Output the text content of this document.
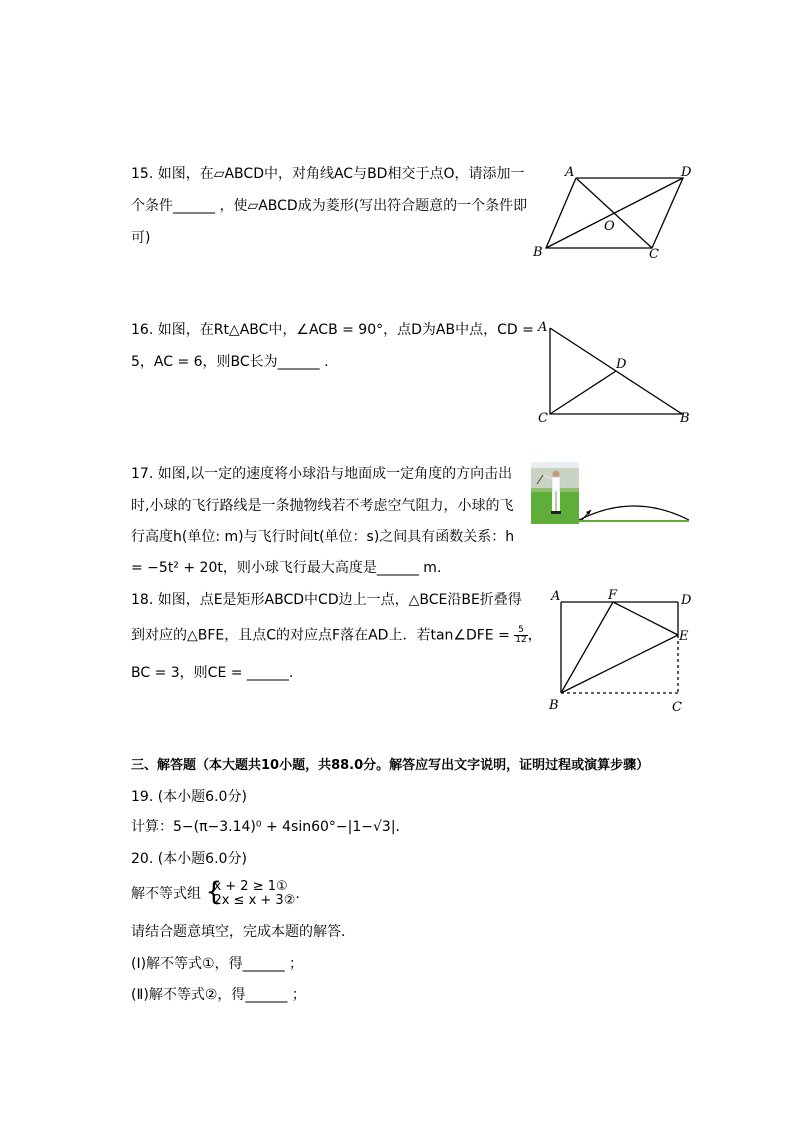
15. 如图，在▱ABCD中，对角线AC与BD相交于点O，请添加一
个条件______ ，使▱ABCD成为菱形(写出符合题意的一个条件即
可)
A	D
B	C
O
16. 如图，在Rt△ABC中，∠ACB = 90°，点D为AB中点，CD =
5，AC = 6，则BC长为______ .
A
C	B
D
17. 如图,以一定的速度将小球沿与地面成一定角度的方向击出
时,小球的飞行路线是一条抛物线若不考虑空气阻力，小球的飞
行高度h(单位: m)与飞行时间t(单位：s)之间具有函数关系：h
= −5t² + 20t，则小球飞行最大高度是______ m.
18. 如图，点E是矩形ABCD中CD边上一点，△BCE沿BE折叠得
到对应的△BFE，且点C的对应点F落在AD上．若tan∠DFE = $\frac{5}{12}$ ，
BC = 3，则CE = ______.
A	F	D
E
B	C
三、解答题（本大题共10小题，共88.0分。解答应写出文字说明，证明过程或演算步骤）
19. (本小题6.0分)
计算：5−(π−3.14)⁰ + 4sin60°−|1−√3|．
20. (本小题6.0分)
解不等式组 {
x + 2 ≥ 1①
2x ≤ x + 3② .
请结合题意填空，完成本题的解答．
(Ⅰ)解不等式①，得______ ；
(Ⅱ)解不等式②，得______ ；
